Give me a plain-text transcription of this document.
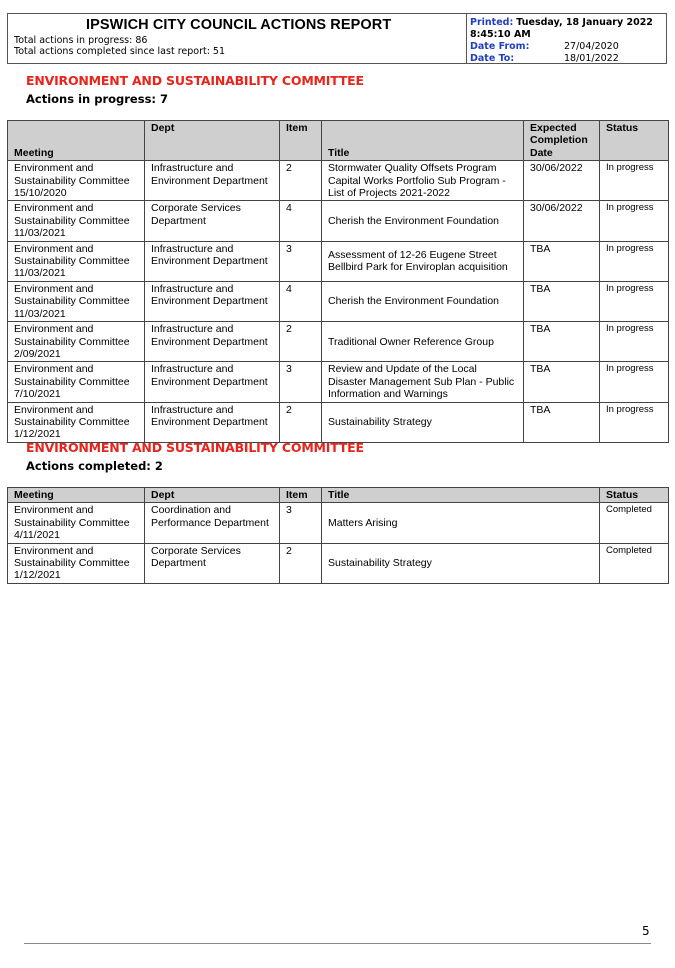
IPSWICH CITY COUNCIL ACTIONS REPORT
Total actions in progress: 86
Total actions completed since last report: 51
Printed: Tuesday, 18 January 2022
8:45:10 AM
Date From:	27/04/2020
Date To:	18/01/2022
ENVIRONMENT AND SUSTAINABILITY COMMITTEE
Actions in progress: 7
Meeting	Dept	Item	Title	Expected Completion Date	Status
Environment and Sustainability Committee 15/10/2020	Infrastructure and Environment Department	2	Stormwater Quality Offsets Program Capital Works Portfolio Sub Program - List of Projects 2021-2022	30/06/2022	In progress
Environment and Sustainability Committee 11/03/2021	Corporate Services Department	4	Cherish the Environment Foundation	30/06/2022	In progress
Environment and Sustainability Committee 11/03/2021	Infrastructure and Environment Department	3	Assessment of 12-26 Eugene Street Bellbird Park for Enviroplan acquisition	TBA	In progress
Environment and Sustainability Committee 11/03/2021	Infrastructure and Environment Department	4	Cherish the Environment Foundation	TBA	In progress
Environment and Sustainability Committee 2/09/2021	Infrastructure and Environment Department	2	Traditional Owner Reference Group	TBA	In progress
Environment and Sustainability Committee 7/10/2021	Infrastructure and Environment Department	3	Review and Update of the Local Disaster Management Sub Plan - Public Information and Warnings	TBA	In progress
Environment and Sustainability Committee 1/12/2021	Infrastructure and Environment Department	2	Sustainability Strategy	TBA	In progress
ENVIRONMENT AND SUSTAINABILITY COMMITTEE
Actions completed: 2
Meeting	Dept	Item	Title	Status
Environment and Sustainability Committee 4/11/2021	Coordination and Performance Department	3	Matters Arising	Completed
Environment and Sustainability Committee 1/12/2021	Corporate Services Department	2	Sustainability Strategy	Completed
5
